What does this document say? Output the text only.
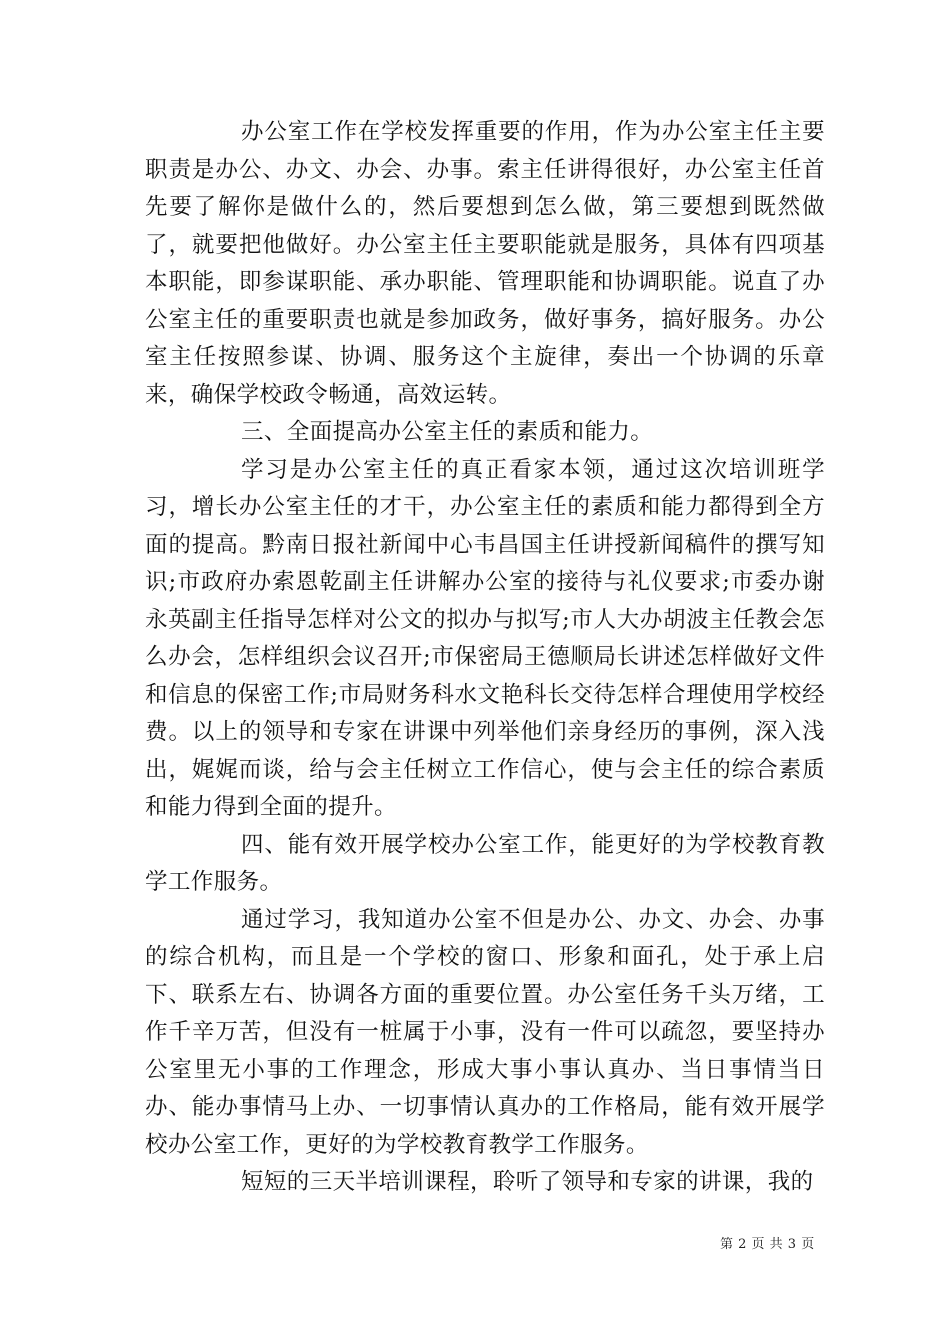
办公室工作在学校发挥重要的作用，作为办公室主任主要职责是办公、办文、办会、办事。索主任讲得很好，办公室主任首先要了解你是做什么的，然后要想到怎么做，第三要想到既然做了，就要把他做好。办公室主任主要职能就是服务，具体有四项基本职能，即参谋职能、承办职能、管理职能和协调职能。说直了办公室主任的重要职责也就是参加政务，做好事务，搞好服务。办公室主任按照参谋、协调、服务这个主旋律，奏出一个协调的乐章来，确保学校政令畅通，高效运转。

三、全面提高办公室主任的素质和能力。

学习是办公室主任的真正看家本领，通过这次培训班学习，增长办公室主任的才干，办公室主任的素质和能力都得到全方面的提高。黔南日报社新闻中心韦昌国主任讲授新闻稿件的撰写知识;市政府办索恩乾副主任讲解办公室的接待与礼仪要求;市委办谢永英副主任指导怎样对公文的拟办与拟写;市人大办胡波主任教会怎么办会，怎样组织会议召开;市保密局王德顺局长讲述怎样做好文件和信息的保密工作;市局财务科水文艳科长交待怎样合理使用学校经费。以上的领导和专家在讲课中列举他们亲身经历的事例，深入浅出，娓娓而谈，给与会主任树立工作信心，使与会主任的综合素质和能力得到全面的提升。

四、能有效开展学校办公室工作，能更好的为学校教育教学工作服务。

通过学习，我知道办公室不但是办公、办文、办会、办事的综合机构，而且是一个学校的窗口、形象和面孔，处于承上启下、联系左右、协调各方面的重要位置。办公室任务千头万绪，工作千辛万苦，但没有一桩属于小事，没有一件可以疏忽，要坚持办公室里无小事的工作理念，形成大事小事认真办、当日事情当日办、能办事情马上办、一切事情认真办的工作格局，能有效开展学校办公室工作，更好的为学校教育教学工作服务。

短短的三天半培训课程，聆听了领导和专家的讲课，我的

第 2 页 共 3 页
